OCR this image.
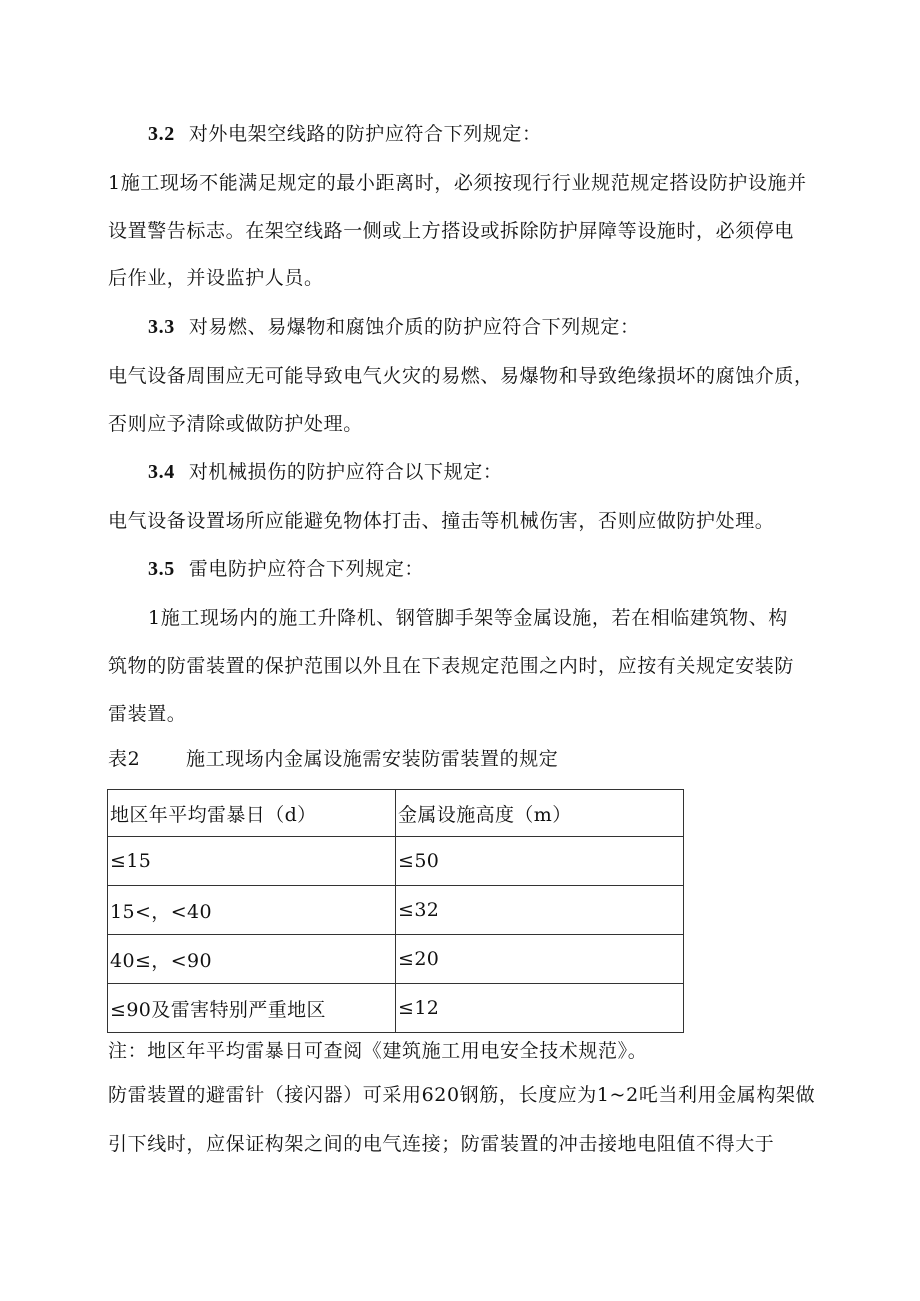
3.2 对外电架空线路的防护应符合下列规定：
1施工现场不能满足规定的最小距离时，必须按现行行业规范规定搭设防护设施并
设置警告标志。在架空线路一侧或上方搭设或拆除防护屏障等设施时，必须停电
后作业，并设监护人员。
3.3 对易燃、易爆物和腐蚀介质的防护应符合下列规定：
电气设备周围应无可能导致电气火灾的易燃、易爆物和导致绝缘损坏的腐蚀介质，
否则应予清除或做防护处理。
3.4 对机械损伤的防护应符合以下规定：
电气设备设置场所应能避免物体打击、撞击等机械伤害，否则应做防护处理。
3.5 雷电防护应符合下列规定：
1施工现场内的施工升降机、钢管脚手架等金属设施，若在相临建筑物、构
筑物的防雷装置的保护范围以外且在下表规定范围之内时，应按有关规定安装防
雷装置。
表2 施工现场内金属设施需安装防雷装置的规定
地区年平均雷暴日（d）	金属设施高度（m）
≤15	≤50
15<，<40	≤32
40≤，<90	≤20
≤90及雷害特别严重地区	≤12
注：地区年平均雷暴日可查阅《建筑施工用电安全技术规范》。
防雷装置的避雷针（接闪器）可采用620钢筋，长度应为1~2吒当利用金属构架做
引下线时，应保证构架之间的电气连接；防雷装置的冲击接地电阻值不得大于
